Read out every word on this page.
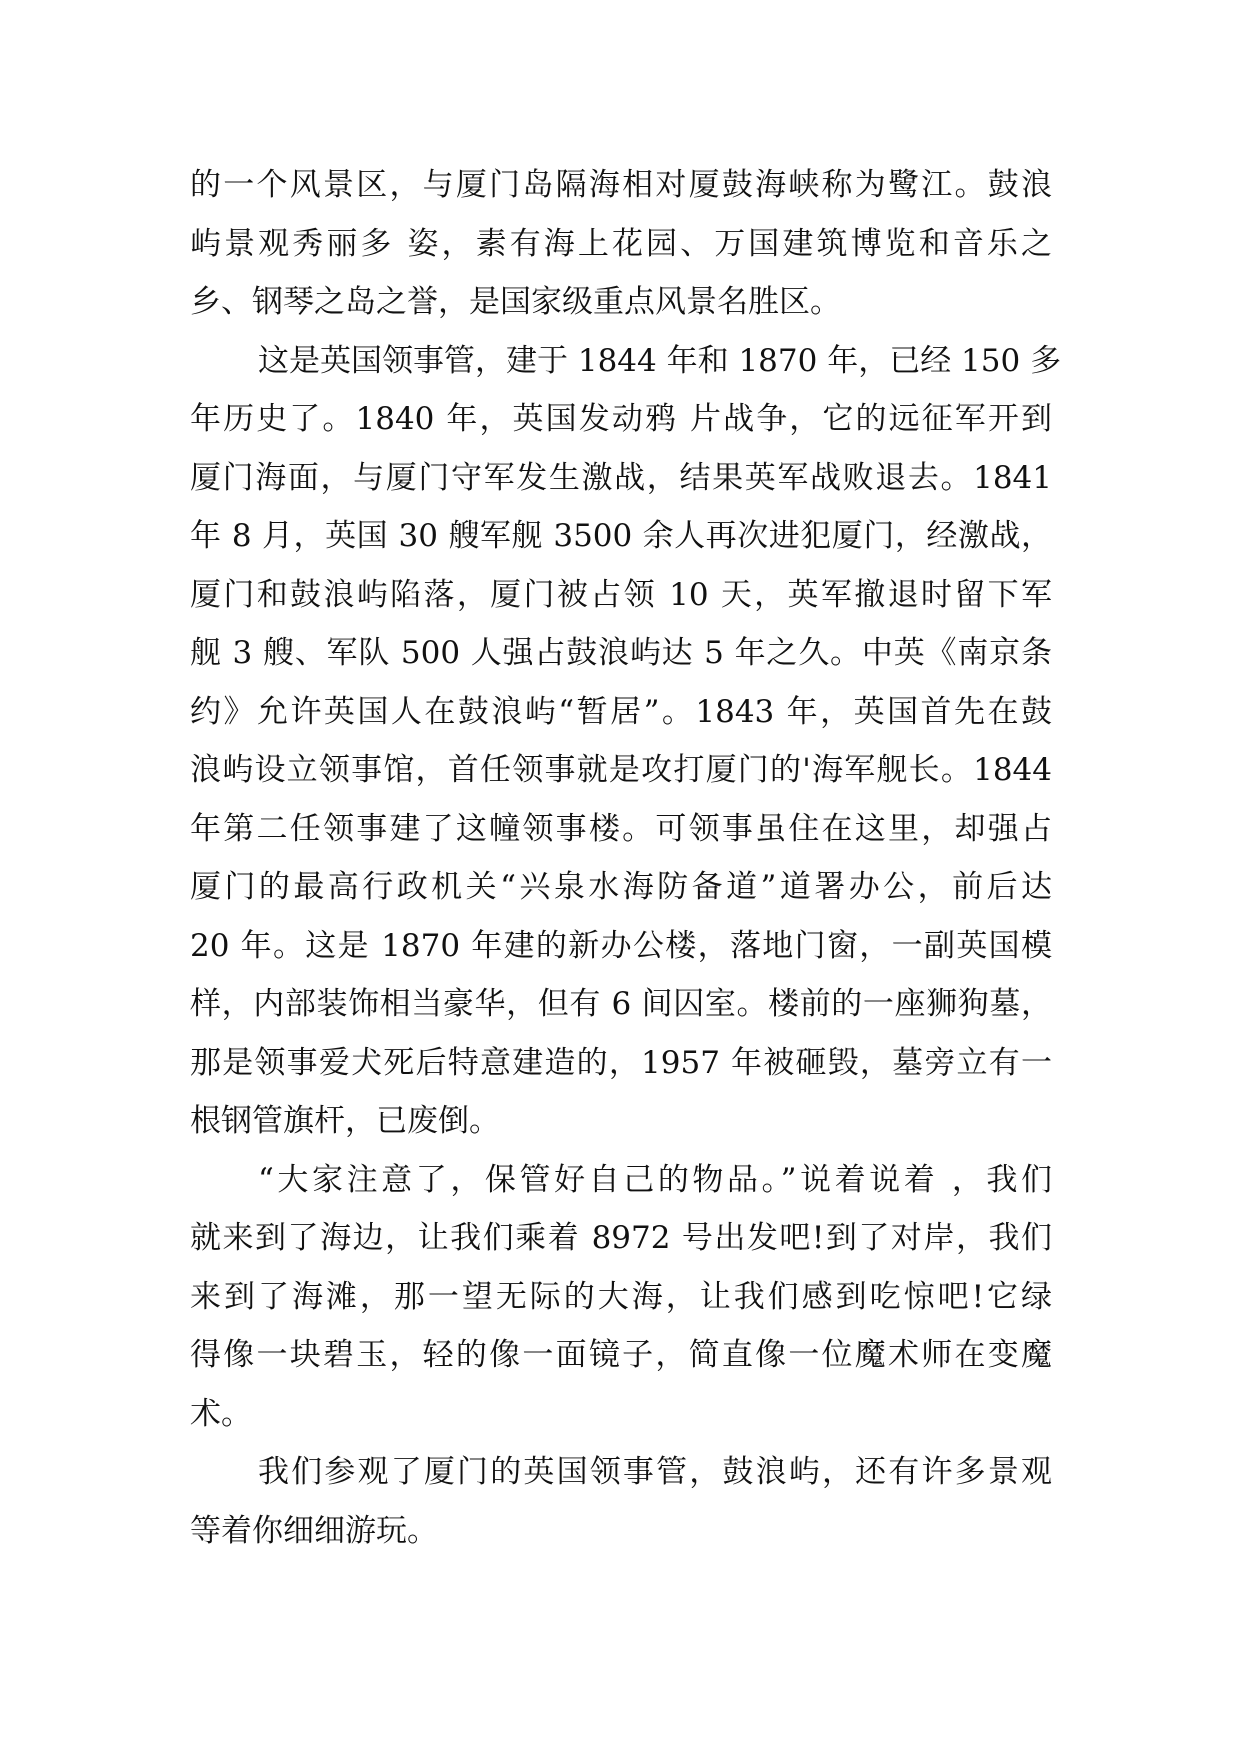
的一个风景区，与厦门岛隔海相对厦鼓海峡称为鹭江。鼓浪
屿景观秀丽多 姿，素有海上花园、万国建筑博览和音乐之
乡、钢琴之岛之誉，是国家级重点风景名胜区。
这是英国领事管，建于 1844 年和 1870 年，已经 150 多
年历史了。1840 年，英国发动鸦 片战争，它的远征军开到
厦门海面，与厦门守军发生激战，结果英军战败退去。1841
年 8 月，英国 30 艘军舰 3500 余人再次进犯厦门，经激战，
厦门和鼓浪屿陷落，厦门被占领 10 天，英军撤退时留下军
舰 3 艘、军队 500 人强占鼓浪屿达 5 年之久。中英《南京条
约》允许英国人在鼓浪屿“暂居”。1843 年，英国首先在鼓
浪屿设立领事馆，首任领事就是攻打厦门的'海军舰长。1844
年第二任领事建了这幢领事楼。可领事虽住在这里，却强占
厦门的最高行政机关“兴泉水海防备道”道署办公，前后达
20 年。这是 1870 年建的新办公楼，落地门窗，一副英国模
样，内部装饰相当豪华，但有 6 间囚室。楼前的一座狮狗墓，
那是领事爱犬死后特意建造的，1957 年被砸毁，墓旁立有一
根钢管旗杆，已废倒。
“大家注意了，保管好自己的物品。”说着说着 ，我们
就来到了海边，让我们乘着 8972 号出发吧!到了对岸，我们
来到了海滩，那一望无际的大海，让我们感到吃惊吧!它绿
得像一块碧玉，轻的像一面镜子，简直像一位魔术师在变魔
术。
我们参观了厦门的英国领事管，鼓浪屿，还有许多景观
等着你细细游玩。
